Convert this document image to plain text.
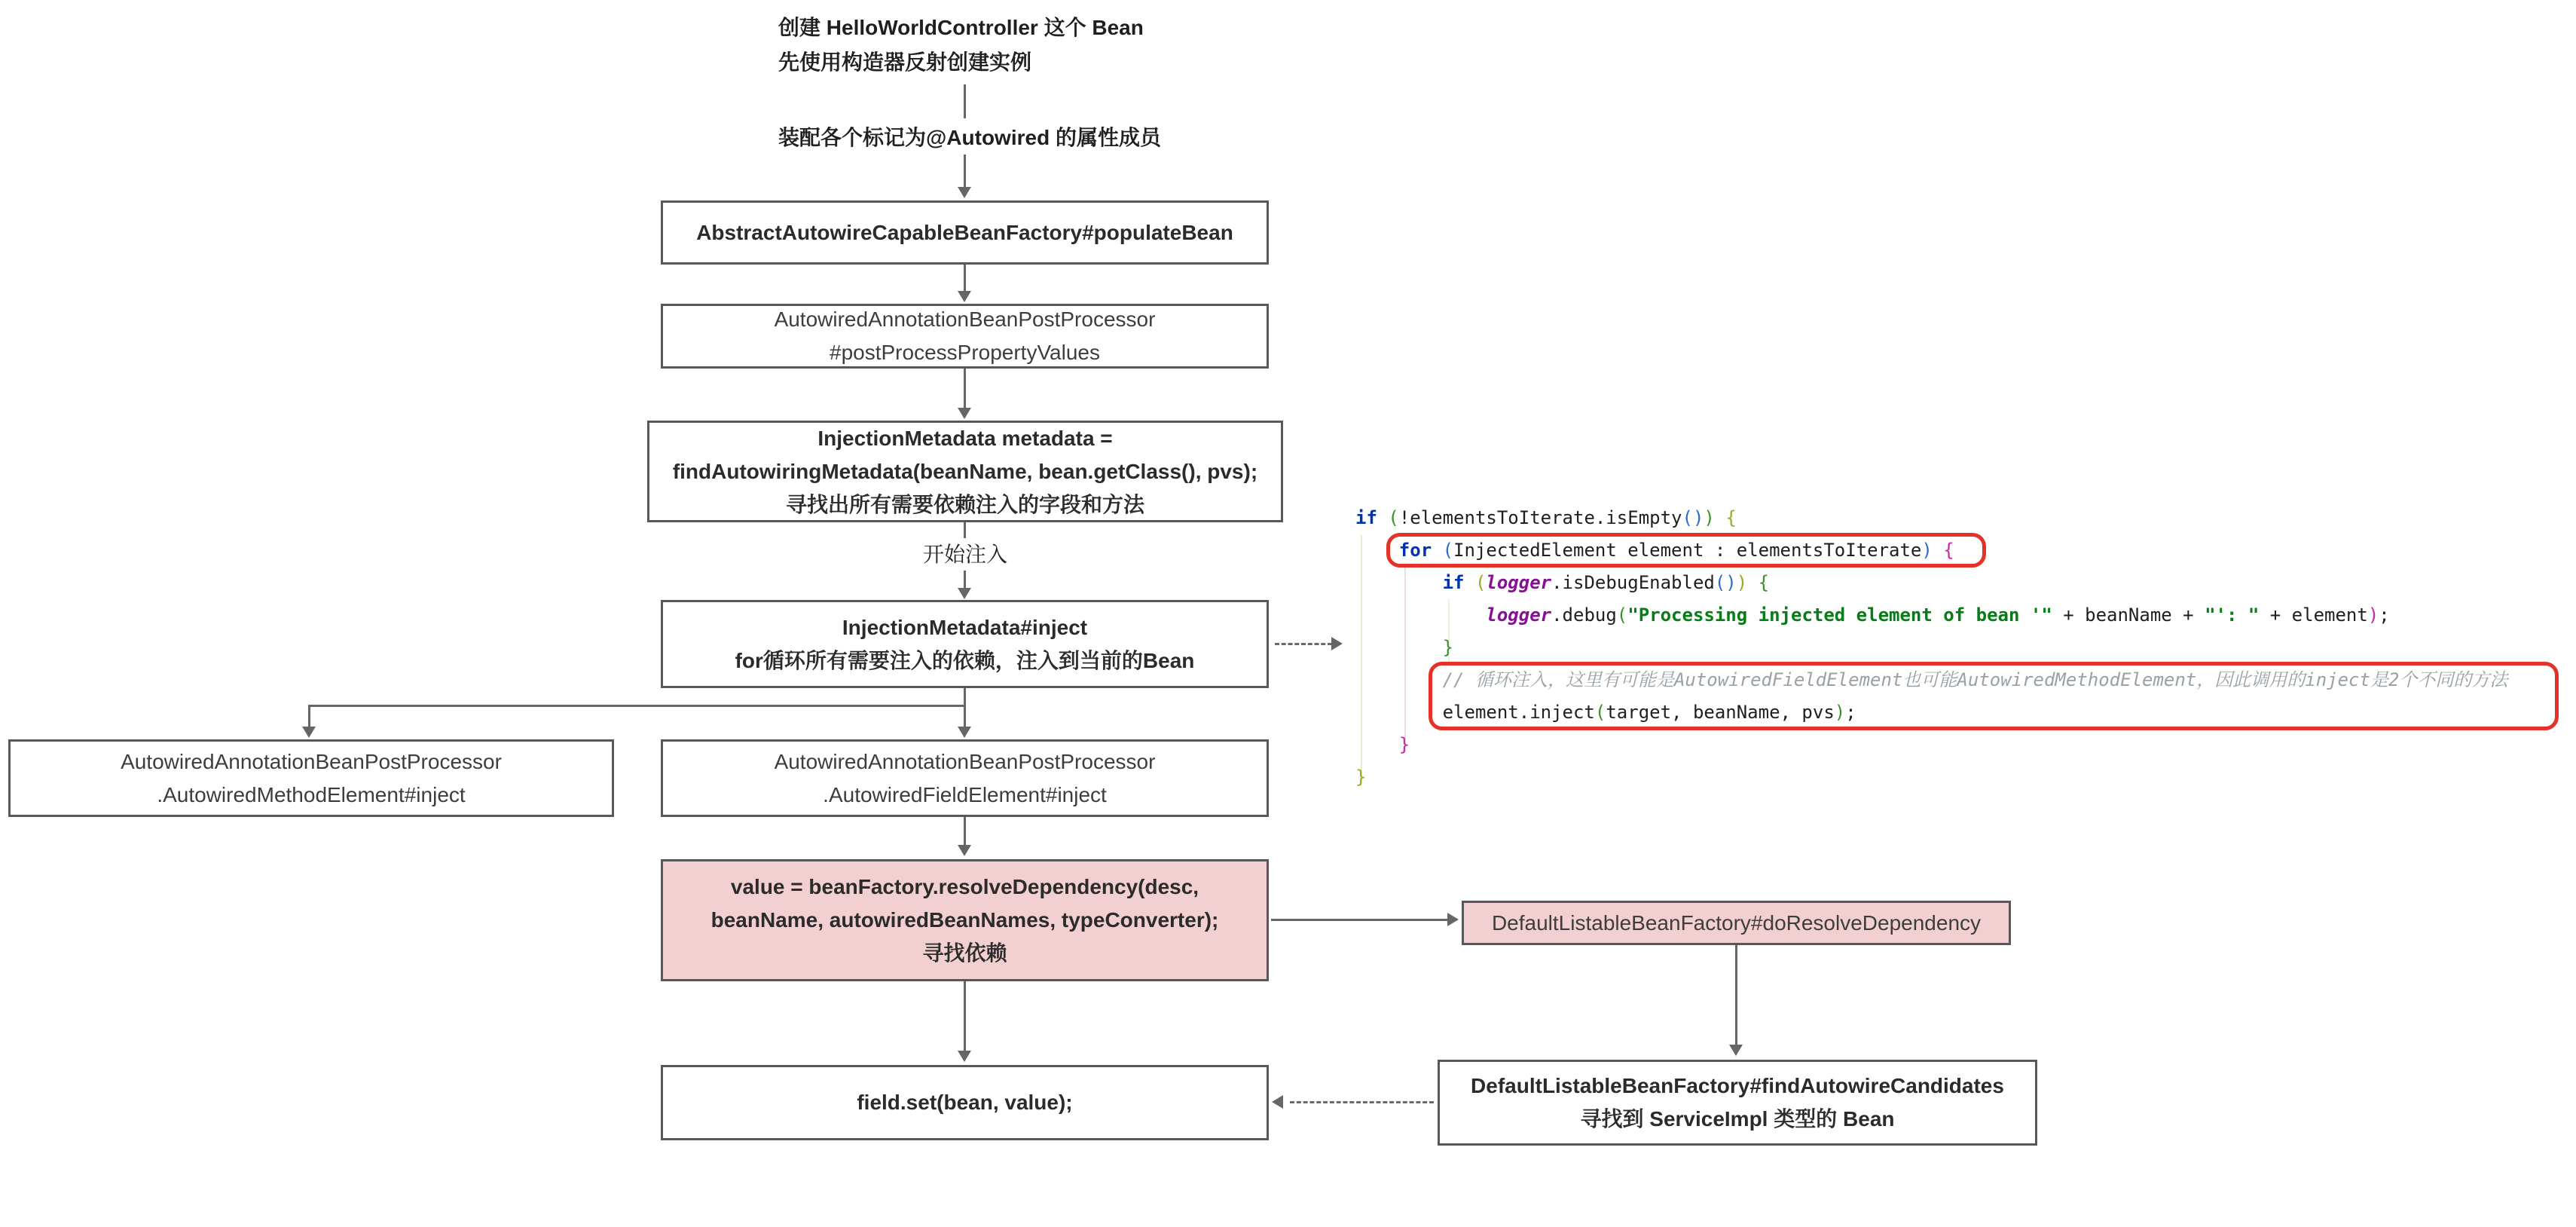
创建 HelloWorldController 这个 Bean
先使用构造器反射创建实例
装配各个标记为@Autowired 的属性成员
AbstractAutowireCapableBeanFactory#populateBean
AutowiredAnnotationBeanPostProcessor
#postProcessPropertyValues
InjectionMetadata metadata =
findAutowiringMetadata(beanName, bean.getClass(), pvs);
寻找出所有需要依赖注入的字段和方法
开始注入
InjectionMetadata#inject
for循环所有需要注入的依赖，注入到当前的Bean
AutowiredAnnotationBeanPostProcessor
.AutowiredMethodElement#inject
AutowiredAnnotationBeanPostProcessor
.AutowiredFieldElement#inject
value = beanFactory.resolveDependency(desc,
beanName, autowiredBeanNames, typeConverter);
寻找依赖
DefaultListableBeanFactory#doResolveDependency
field.set(bean, value);
DefaultListableBeanFactory#findAutowireCandidates
寻找到 ServiceImpl 类型的 Bean
if (!elementsToIterate.isEmpty()) {
for (InjectedElement element : elementsToIterate) {
if (logger.isDebugEnabled()) {
logger.debug("Processing injected element of bean '" + beanName + "': " + element);
}
// 循环注入，这里有可能是AutowiredFieldElement也可能AutowiredMethodElement，因此调用的inject是2个不同的方法
element.inject(target, beanName, pvs);
}
}
